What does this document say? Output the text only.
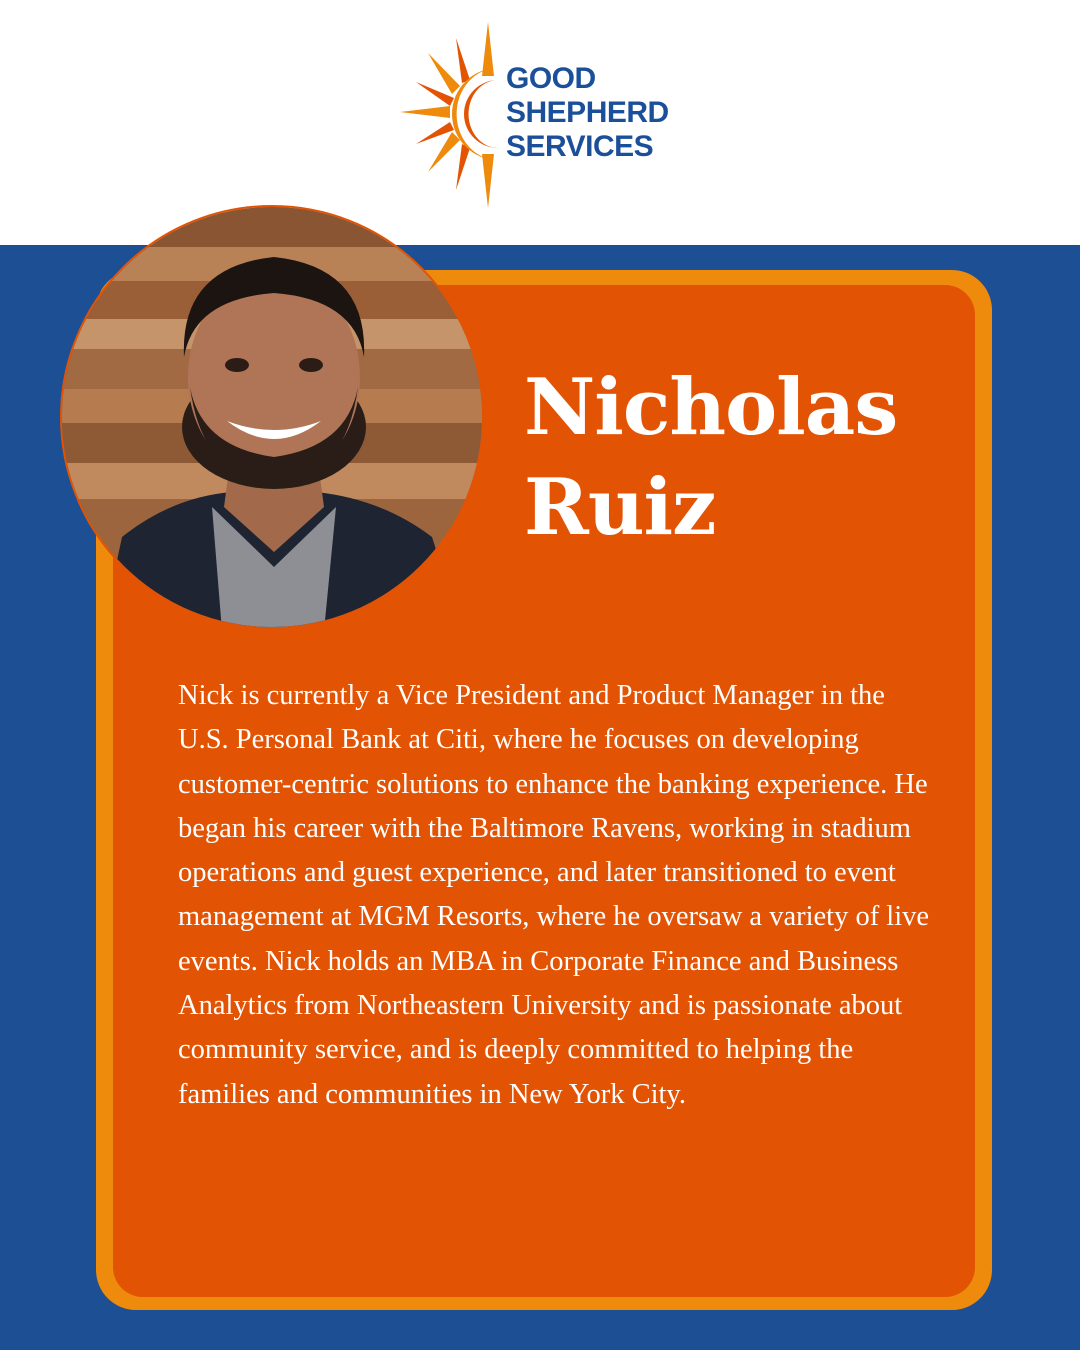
GOOD
SHEPHERD
SERVICES
Nicholas
Ruiz

Nick is currently a Vice President and Product Manager in the U.S. Personal Bank at Citi, where he focuses on developing customer-centric solutions to enhance the banking experience. He began his career with the Baltimore Ravens, working in stadium operations and guest experience, and later transitioned to event management at MGM Resorts, where he oversaw a variety of live events. Nick holds an MBA in Corporate Finance and Business Analytics from Northeastern University and is passionate about community service, and is deeply committed to helping the families and communities in New York City.
